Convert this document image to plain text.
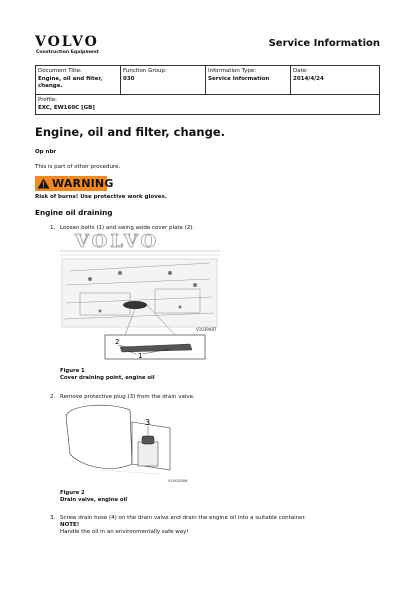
VOLVO
Construction Equipment
Service Information
Document Title:
Engine, oil and filter, change.

Function Group:
030

Information Type:
Service Information

Date:
2014/4/24

Profile:
EXC, EW160C [GB]
Engine, oil and filter, change.
Op nbr
This is part of other procedure.
WARNING
Risk of burns! Use protective work gloves.
Engine oil draining
1. Loosen bolts (1) and swing aside cover plate (2).
VOLVO
V1039487
2
1
Figure 1
Cover draining point, engine oil
2. Remove protective plug (3) from the drain valve.
3
V1002006
Figure 2
Drain valve, engine oil
3. Screw drain hose (4) on the drain valve and drain the engine oil into a suitable container.
NOTE!
Handle the oil in an environmentally safe way!
